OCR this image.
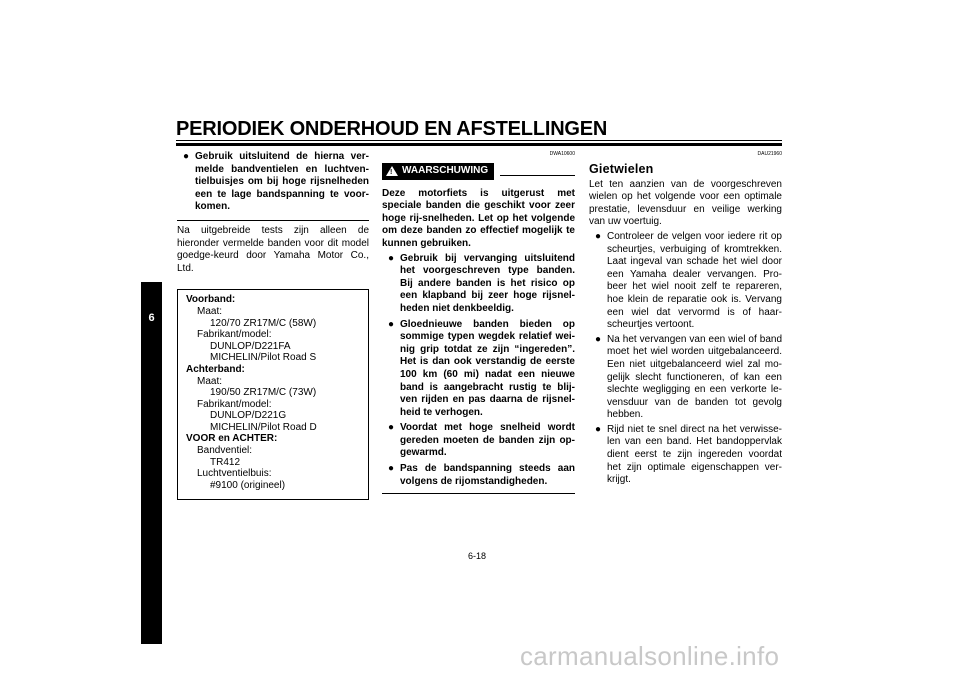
PERIODIEK ONDERHOUD EN AFSTELLINGEN
6
● Gebruik uitsluitend de hierna ver-melde bandventielen en luchtven-tielbuisjes om bij hoge rijsnelheden een te lage bandspanning te voor-komen.

Na uitgebreide tests zijn alleen de hieronder vermelde banden voor dit model goedge-keurd door Yamaha Motor Co., Ltd.

Voorband:
Maat:
120/70 ZR17M/C (58W)
Fabrikant/model:
DUNLOP/D221FA
MICHELIN/Pilot Road S
Achterband:
Maat:
190/50 ZR17M/C (73W)
Fabrikant/model:
DUNLOP/D221G
MICHELIN/Pilot Road D
VOOR en ACHTER:
Bandventiel:
TR412
Luchtventielbuis:
#9100 (origineel)
DWA10600
! WAARSCHUWING

Deze motorfiets is uitgerust met speciale banden die geschikt voor zeer hoge rij-snelheden. Let op het volgende om deze banden zo effectief mogelijk te kunnen gebruiken.

● Gebruik bij vervanging uitsluitend het voorgeschreven type banden. Bij andere banden is het risico op een klapband bij zeer hoge rijsnel-heden niet denkbeeldig.
● Gloednieuwe banden bieden op sommige typen wegdek relatief wei-nig grip totdat ze zijn “ingereden”. Het is dan ook verstandig de eerste 100 km (60 mi) nadat een nieuwe band is aangebracht rustig te blij-ven rijden en pas daarna de rijsnel-heid te verhogen.
● Voordat met hoge snelheid wordt gereden moeten de banden zijn op-gewarmd.
● Pas de bandspanning steeds aan volgens de rijomstandigheden.
DAU21960
Gietwielen

Let ten aanzien van de voorgeschreven wielen op het volgende voor een optimale prestatie, levensduur en veilige werking van uw voertuig.

● Controleer de velgen voor iedere rit op scheurtjes, verbuiging of kromtrekken. Laat ingeval van schade het wiel door een Yamaha dealer vervangen. Pro-beer het wiel nooit zelf te repareren, hoe klein de reparatie ook is. Vervang een wiel dat vervormd is of haar-scheurtjes vertoont.
● Na het vervangen van een wiel of band moet het wiel worden uitgebalanceerd. Een niet uitgebalanceerd wiel zal mo-gelijk slecht functioneren, of kan een slechte wegligging en een verkorte le-vensduur van de banden tot gevolg hebben.
● Rijd niet te snel direct na het verwisse-len van een band. Het bandoppervlak dient eerst te zijn ingereden voordat het zijn optimale eigenschappen ver-krijgt.
6-18
carmanualsonline.info
